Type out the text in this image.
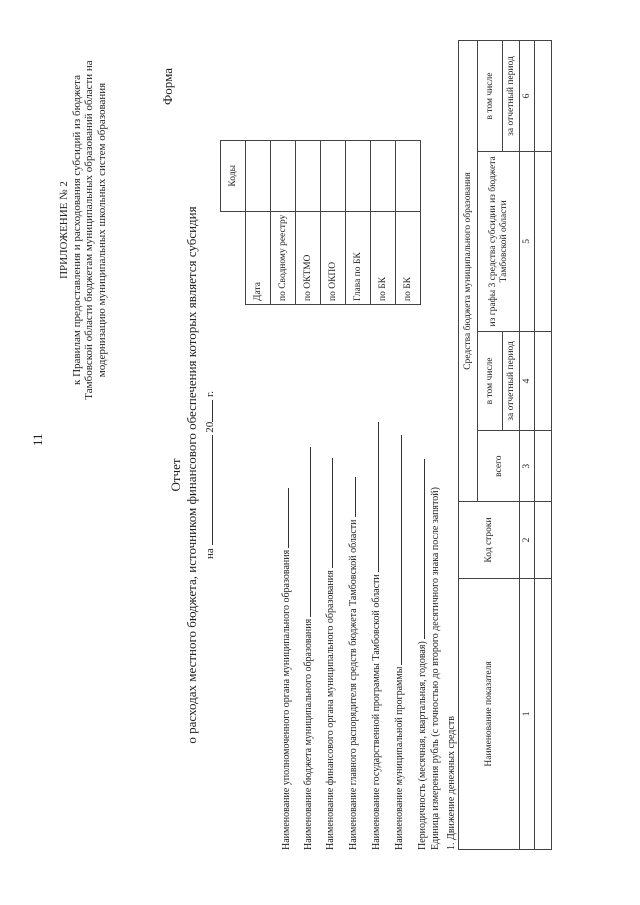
11
ПРИЛОЖЕНИЕ № 2 к Правилам предоставления и расходования субсидий из бюджета Тамбовской области бюджетам муниципальных образований области на модернизацию муниципальных школьных систем образования	Форма
Отчет о расходах местного бюджета, источником финансового обеспечения которых является субсидия на  20 г.
	Коды
Дата	
по Сводному реестру	
по ОКТМО	
по ОКПО	
Глава по БК	
по БК	
по БК	
Наименование уполномоченного органа муниципального образования	Наименование бюджета муниципального образования	Наименование финансового органа муниципального образования	Наименование главного распорядителя средств бюджета Тамбовской области	Наименование государственной программы Тамбовской области	Наименование муниципальной программы	Периодичность (месячная, квартальная, годовая) Единица измерения рубль (с точностью до второго десятичного знака после запятой) 1. Движение денежных средств
Наименование показателя	Код строки	Средства бюджета муниципального образования			
		всего	в том числе	из графы 3 средства субсидии из бюджета Тамбовской области	в том числе
			за отчетный период		за отчетный период
1	2	3	4	5	6
